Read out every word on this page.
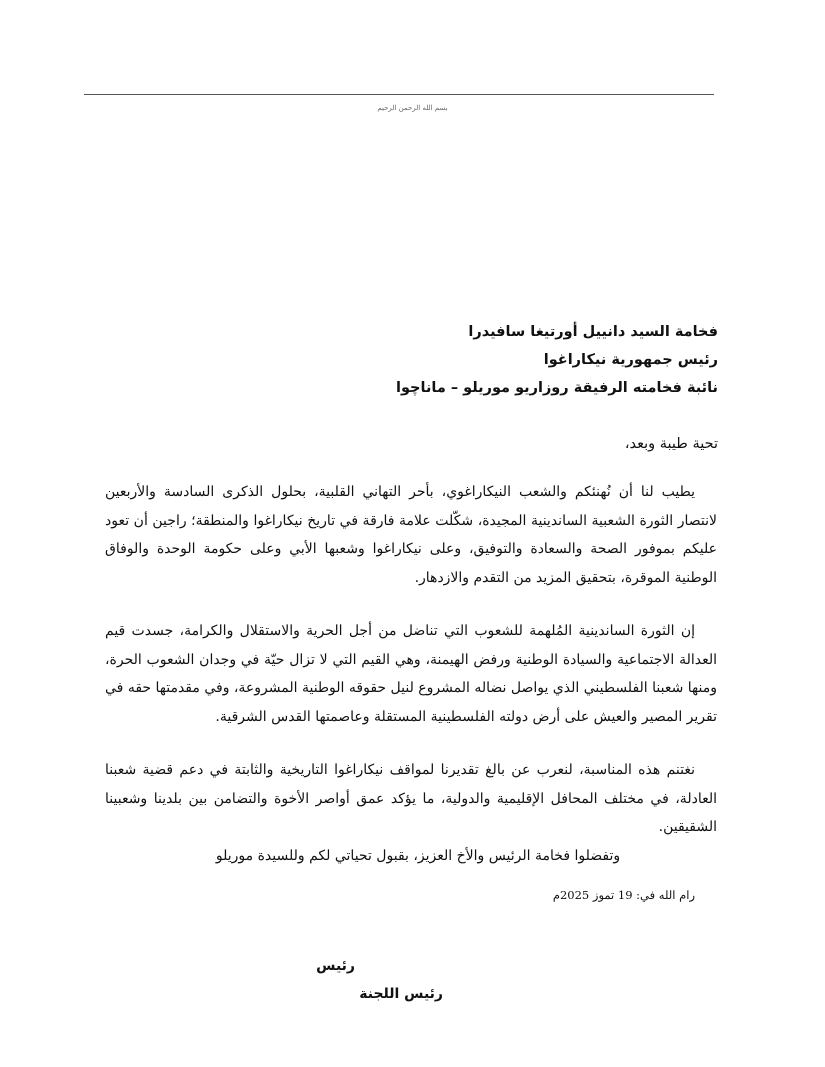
بسم الله الرحمن الرحيم
فخامة السيد دانييل أورتيغا سافيدرا
رئيس جمهورية نيكاراغوا
نائبة فخامته الرفيقة روزاريو موريلو – ماناچوا
تحية طيبة وبعد،

يطيب لنا أن نُهنئكم والشعب النيكاراغوي، بأحر التهاني القلبية، بحلول الذكرى السادسة والأربعين لانتصار الثورة الشعبية الساندينية المجيدة، شكّلت علامة فارقة في تاريخ نيكاراغوا والمنطقة؛ راجين أن تعود عليكم بموفور الصحة والسعادة والتوفيق، وعلى نيكاراغوا وشعبها الأبي وعلى حكومة الوحدة والوفاق الوطنية الموقرة، بتحقيق المزيد من التقدم والازدهار.

إن الثورة الساندينية المُلهمة للشعوب التي تناضل من أجل الحرية والاستقلال والكرامة، جسدت قيم العدالة الاجتماعية والسيادة الوطنية ورفض الهيمنة، وهي القيم التي لا تزال حيّة في وجدان الشعوب الحرة، ومنها شعبنا الفلسطيني الذي يواصل نضاله المشروع لنيل حقوقه الوطنية المشروعة، وفي مقدمتها حقه في تقرير المصير والعيش على أرض دولته الفلسطينية المستقلة وعاصمتها القدس الشرقية.

نغتنم هذه المناسبة، لنعرب عن بالغ تقديرنا لمواقف نيكاراغوا التاريخية والثابتة في دعم قضية شعبنا العادلة، في مختلف المحافل الإقليمية والدولية، ما يؤكد عمق أواصر الأخوة والتضامن بين بلدينا وشعبينا الشقيقين.

وتفضلوا فخامة الرئيس والأخ العزيز، بقبول تحياتي لكم وللسيدة موريلو
رام الله في: 19 تموز 2025م
رئيس
رئيس اللجنة
